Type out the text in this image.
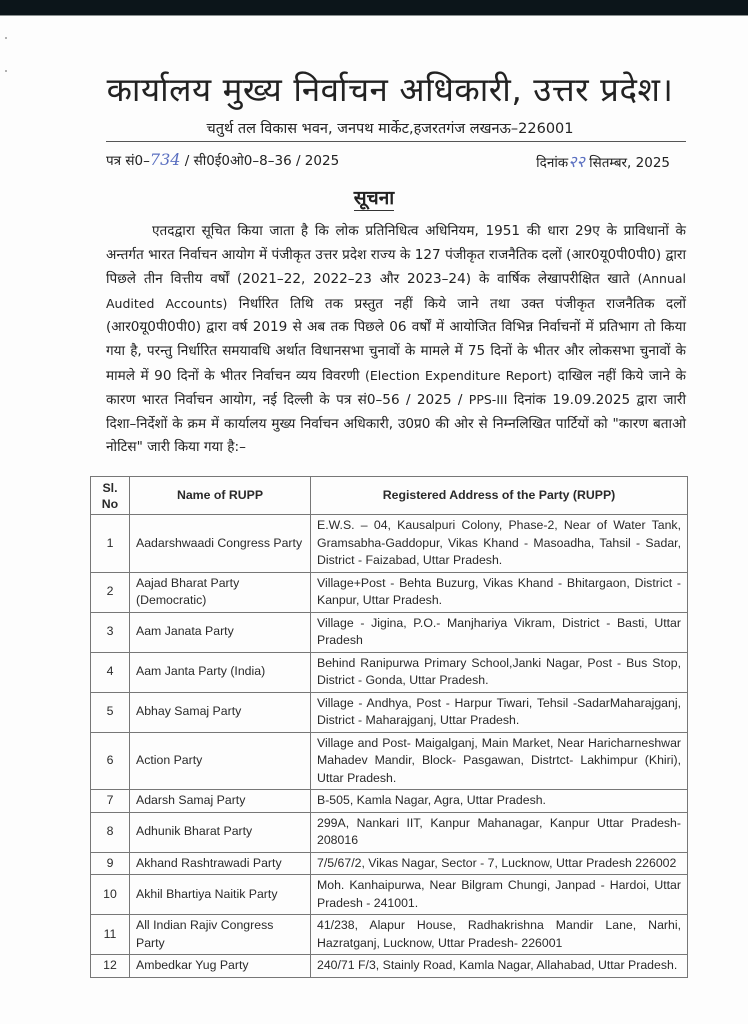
कार्यालय मुख्य निर्वाचन अधिकारी, उत्तर प्रदेश।
चतुर्थ तल विकास भवन, जनपथ मार्केट,हजरतगंज लखनऊ–226001
पत्र सं0–734 / सी0ई0ओ0–8–36 / 2025	दिनांक२२ सितम्बर, 2025
सूचना
एतदद्वारा सूचित किया जाता है कि लोक प्रतिनिधित्व अधिनियम, 1951 की धारा 29ए के प्राविधानों के अन्तर्गत भारत निर्वाचन आयोग में पंजीकृत उत्तर प्रदेश राज्य के 127 पंजीकृत राजनैतिक दलों (आर0यू0पी0पी0) द्वारा पिछले तीन वित्तीय वर्षों (2021–22, 2022–23 और 2023–24) के वार्षिक लेखापरीक्षित खाते (Annual Audited Accounts) निर्धारित तिथि तक प्रस्तुत नहीं किये जाने तथा उक्त पंजीकृत राजनैतिक दलों (आर0यू0पी0पी0) द्वारा वर्ष 2019 से अब तक पिछले 06 वर्षों में आयोजित विभिन्न निर्वाचनों में प्रतिभाग तो किया गया है, परन्तु निर्धारित समयावधि अर्थात विधानसभा चुनावों के मामले में 75 दिनों के भीतर और लोकसभा चुनावों के मामले में 90 दिनों के भीतर निर्वाचन व्यय विवरणी (Election Expenditure Report) दाखिल नहीं किये जाने के कारण भारत निर्वाचन आयोग, नई दिल्ली के पत्र सं0–56 / 2025 / PPS-III दिनांक 19.09.2025 द्वारा जारी दिशा–निर्देशों के क्रम में कार्यालय मुख्य निर्वाचन अधिकारी, उ0प्र0 की ओर से निम्नलिखित पार्टियों को "कारण बताओ नोटिस" जारी किया गया है:–
Sl. No	Name of RUPP	Registered Address of the Party (RUPP)
1	Aadarshwaadi Congress Party	E.W.S. – 04, Kausalpuri Colony, Phase-2, Near of Water Tank, Gramsabha-Gaddopur, Vikas Khand - Masoadha, Tahsil - Sadar, District - Faizabad, Uttar Pradesh.
2	Aajad Bharat Party (Democratic)	Village+Post - Behta Buzurg, Vikas Khand - Bhitargaon, District - Kanpur, Uttar Pradesh.
3	Aam Janata Party	Village - Jigina, P.O.- Manjhariya Vikram, District - Basti, Uttar Pradesh
4	Aam Janta Party (India)	Behind Ranipurwa Primary School,Janki Nagar, Post - Bus Stop, District - Gonda, Uttar Pradesh.
5	Abhay Samaj Party	Village - Andhya, Post - Harpur Tiwari, Tehsil -SadarMaharajganj, District - Maharajganj, Uttar Pradesh.
6	Action Party	Village and Post- Maigalganj, Main Market, Near Haricharneshwar Mahadev Mandir, Block- Pasgawan, Distrtct- Lakhimpur (Khiri), Uttar Pradesh.
7	Adarsh Samaj Party	B-505, Kamla Nagar, Agra, Uttar Pradesh.
8	Adhunik Bharat Party	299A, Nankari IIT, Kanpur Mahanagar, Kanpur Uttar Pradesh-208016
9	Akhand Rashtrawadi Party	7/5/67/2, Vikas Nagar, Sector - 7, Lucknow, Uttar Pradesh 226002
10	Akhil Bhartiya Naitik Party	Moh. Kanhaipurwa, Near Bilgram Chungi, Janpad - Hardoi, Uttar Pradesh - 241001.
11	All Indian Rajiv Congress Party	41/238, Alapur House, Radhakrishna Mandir Lane, Narhi, Hazratganj, Lucknow, Uttar Pradesh- 226001
12	Ambedkar Yug Party	240/71 F/3, Stainly Road, Kamla Nagar, Allahabad, Uttar Pradesh.
